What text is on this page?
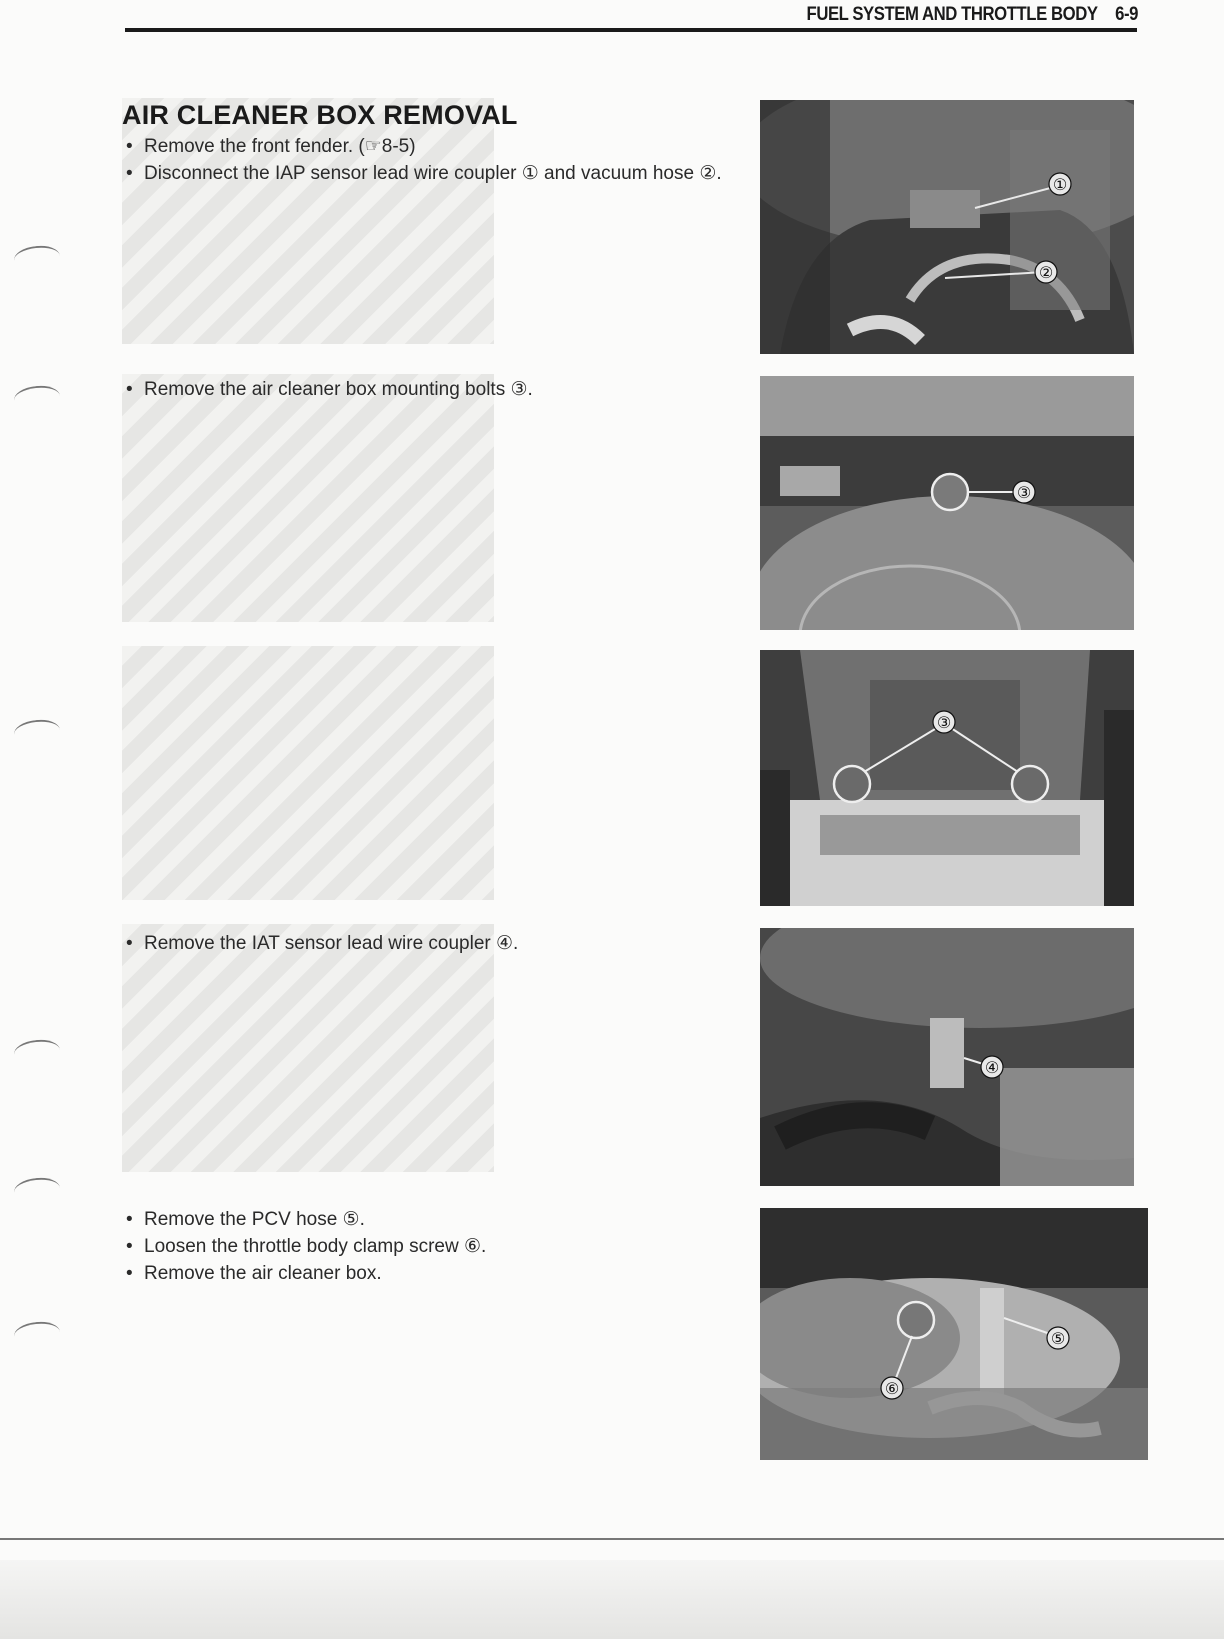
FUEL SYSTEM AND THROTTLE BODY 6-9
AIR CLEANER BOX REMOVAL
• Remove the front fender. (☞8-5)
• Disconnect the IAP sensor lead wire coupler ① and vacuum hose ②.
• Remove the air cleaner box mounting bolts ③.
• Remove the IAT sensor lead wire coupler ④.
• Remove the PCV hose ⑤.
• Loosen the throttle body clamp screw ⑥.
• Remove the air cleaner box.
①
②
③
③
④
⑤
⑥
